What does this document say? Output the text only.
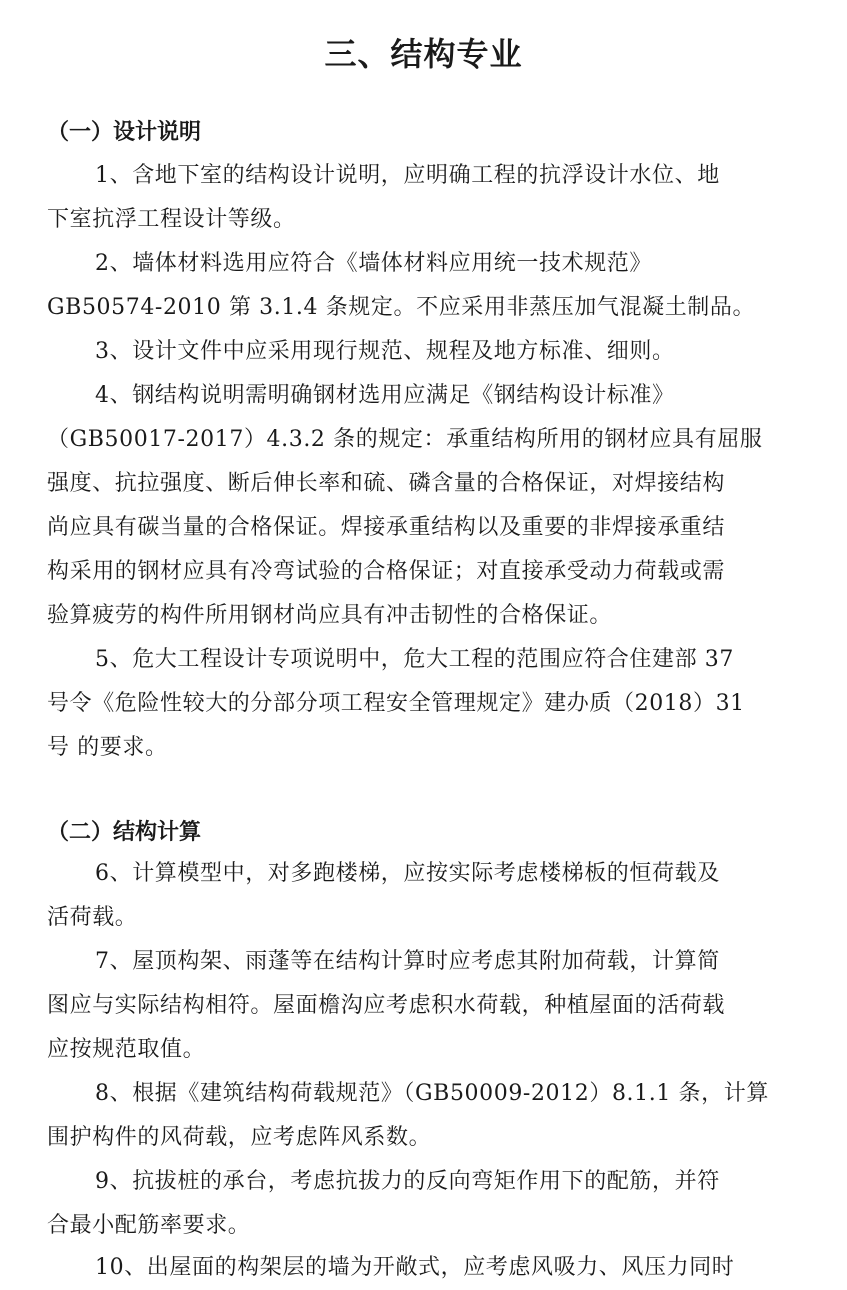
三、结构专业
（一）设计说明
1、含地下室的结构设计说明，应明确工程的抗浮设计水位、地
下室抗浮工程设计等级。
2、墙体材料选用应符合《墙体材料应用统一技术规范》
GB50574-2010 第 3.1.4 条规定。不应采用非蒸压加气混凝土制品。
3、设计文件中应采用现行规范、规程及地方标准、细则。
4、钢结构说明需明确钢材选用应满足《钢结构设计标准》
（GB50017-2017）4.3.2 条的规定：承重结构所用的钢材应具有屈服
强度、抗拉强度、断后伸长率和硫、磷含量的合格保证，对焊接结构
尚应具有碳当量的合格保证。焊接承重结构以及重要的非焊接承重结
构采用的钢材应具有冷弯试验的合格保证；对直接承受动力荷载或需
验算疲劳的构件所用钢材尚应具有冲击韧性的合格保证。
5、危大工程设计专项说明中，危大工程的范围应符合住建部 37
号令《危险性较大的分部分项工程安全管理规定》建办质（2018）31
号 的要求。
（二）结构计算
6、计算模型中，对多跑楼梯，应按实际考虑楼梯板的恒荷载及
活荷载。
7、屋顶构架、雨蓬等在结构计算时应考虑其附加荷载，计算简
图应与实际结构相符。屋面檐沟应考虑积水荷载，种植屋面的活荷载
应按规范取值。
8、根据《建筑结构荷载规范》（GB50009-2012）8.1.1 条，计算
围护构件的风荷载，应考虑阵风系数。
9、抗拔桩的承台，考虑抗拔力的反向弯矩作用下的配筋，并符
合最小配筋率要求。
10、出屋面的构架层的墙为开敞式，应考虑风吸力、风压力同时
